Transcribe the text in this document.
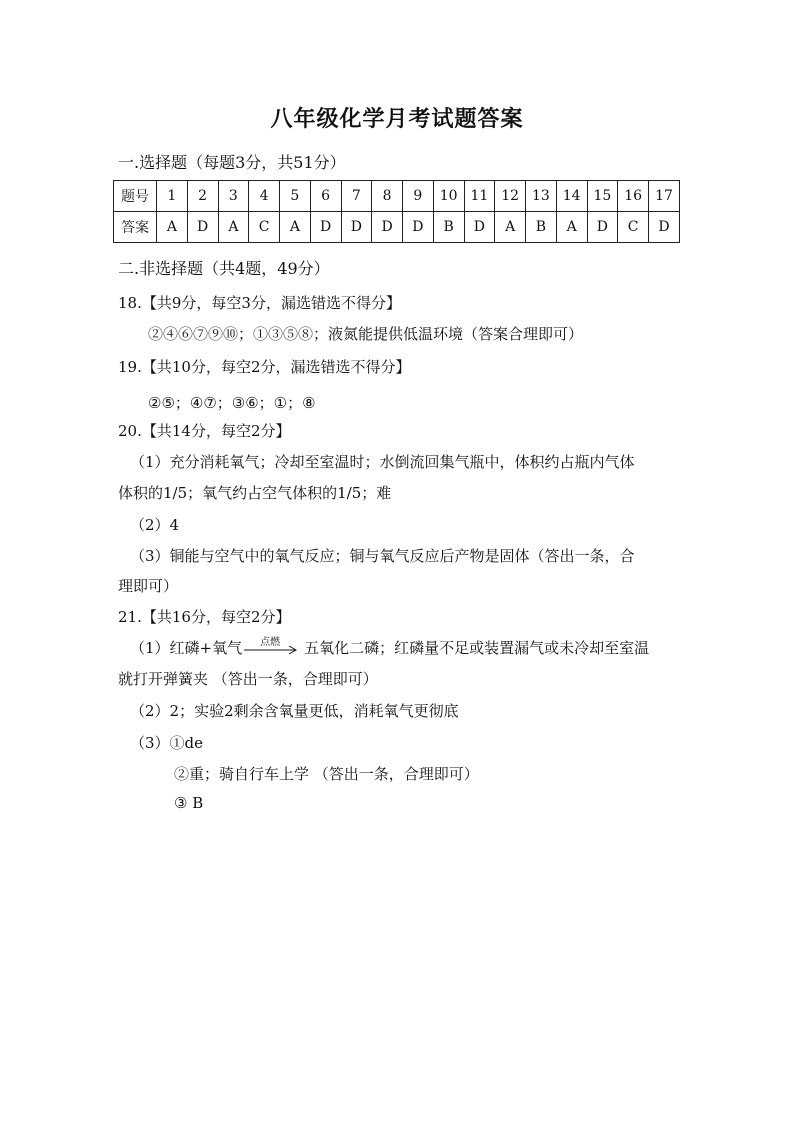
八年级化学月考试题答案
一.选择题（每题3分，共51分）
题号	1	2	3	4	5	6	7	8	9	10	11	12	13	14	15	16	17
答案	A	D	A	C	A	D	D	D	D	B	D	A	B	A	D	C	D
二.非选择题（共4题，49分）
18.【共9分，每空3分，漏选错选不得分】
②④⑥⑦⑨⑩；①③⑤⑧；液氮能提供低温环境（答案合理即可）
19.【共10分，每空2分，漏选错选不得分】
②⑤；④⑦；③⑥；①；⑧
20.【共14分，每空2分】
（1）充分消耗氧气；冷却至室温时；水倒流回集气瓶中，体积约占瓶内气体
体积的1/5；氧气约占空气体积的1/5；难
（2）4
（3）铜能与空气中的氧气反应；铜与氧气反应后产物是固体（答出一条，合
理即可）
21.【共16分，每空2分】
（1）红磷+氧气	点燃	五氧化二磷；红磷量不足或装置漏气或未冷却至室温
就打开弹簧夹 （答出一条，合理即可）
（2）2；实验2剩余含氧量更低，消耗氧气更彻底
（3）①de
②重；骑自行车上学 （答出一条，合理即可）
③ B
